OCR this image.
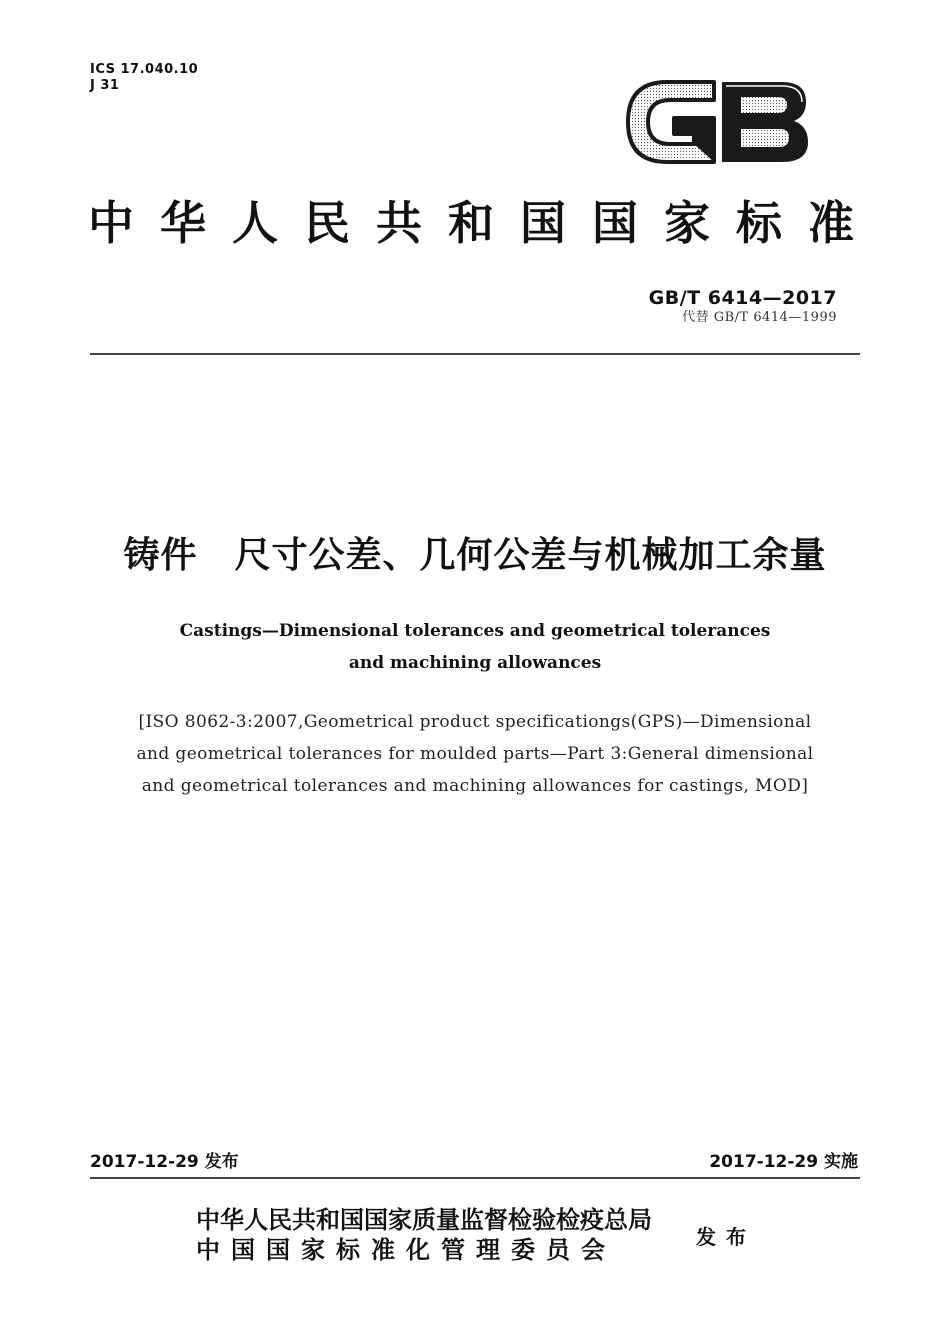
ICS 17.040.10
J 31
中华人民共和国国家标准
GB/T 6414—2017
代替 GB/T 6414—1999
铸件　尺寸公差、几何公差与机械加工余量
Castings—Dimensional tolerances and geometrical tolerances
and machining allowances
[ISO 8062-3:2007,Geometrical product specificationgs(GPS)—Dimensional
and geometrical tolerances for moulded parts—Part 3:General dimensional
and geometrical tolerances and machining allowances for castings, MOD]
2017-12-29 发布	2017-12-29 实施
中华人民共和国国家质量监督检验检疫总局
中国国家标准化管理委员会	发布
